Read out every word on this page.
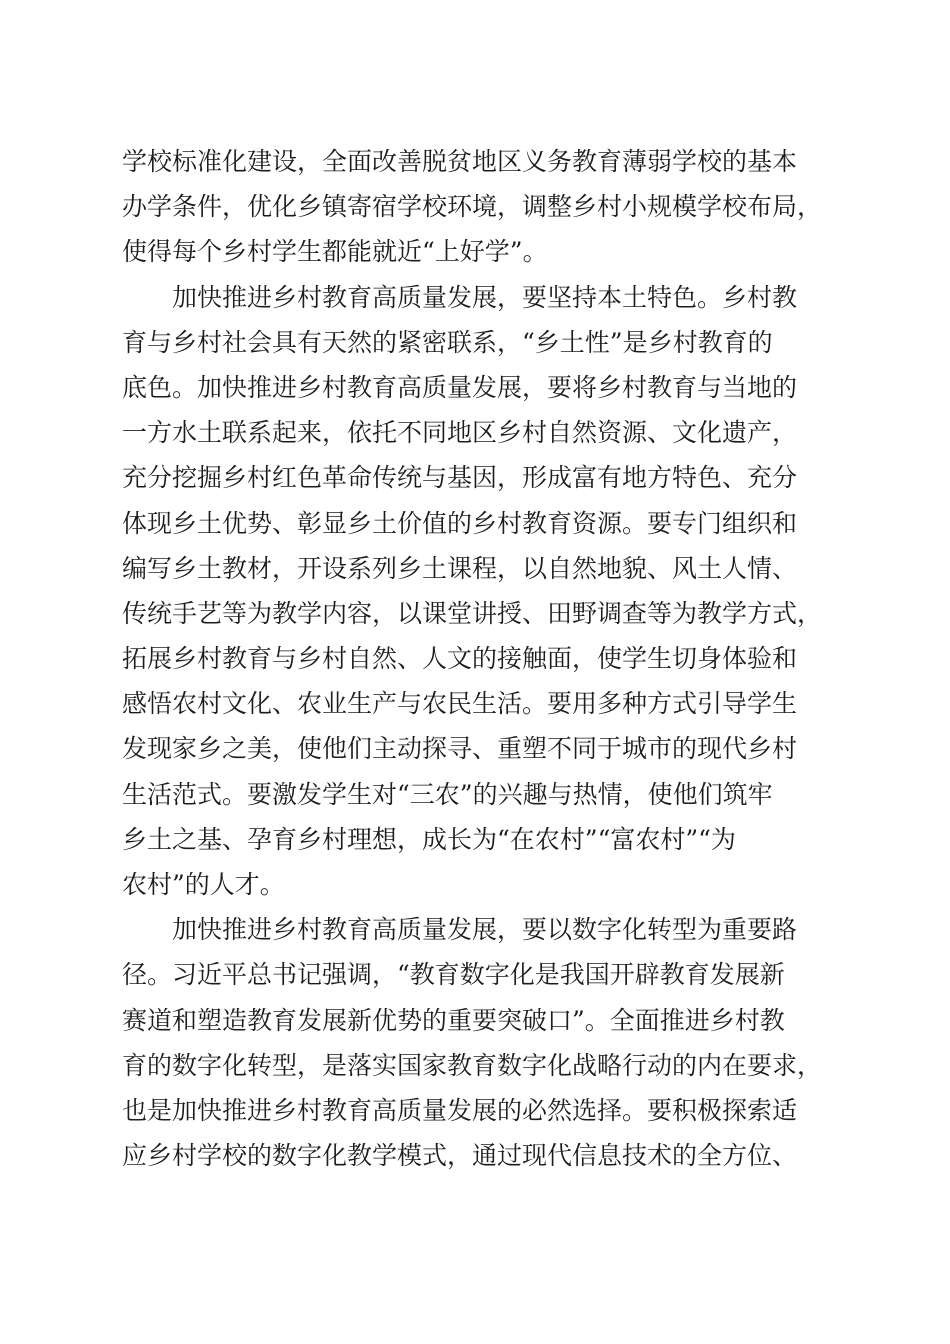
学校标准化建设，全面改善脱贫地区义务教育薄弱学校的基本
办学条件，优化乡镇寄宿学校环境，调整乡村小规模学校布局，
使得每个乡村学生都能就近“上好学”。
加快推进乡村教育高质量发展，要坚持本土特色。乡村教
育与乡村社会具有天然的紧密联系，“乡土性”是乡村教育的
底色。加快推进乡村教育高质量发展，要将乡村教育与当地的
一方水土联系起来，依托不同地区乡村自然资源、文化遗产，
充分挖掘乡村红色革命传统与基因，形成富有地方特色、充分
体现乡土优势、彰显乡土价值的乡村教育资源。要专门组织和
编写乡土教材，开设系列乡土课程，以自然地貌、风土人情、
传统手艺等为教学内容，以课堂讲授、田野调查等为教学方式，
拓展乡村教育与乡村自然、人文的接触面，使学生切身体验和
感悟农村文化、农业生产与农民生活。要用多种方式引导学生
发现家乡之美，使他们主动探寻、重塑不同于城市的现代乡村
生活范式。要激发学生对“三农”的兴趣与热情，使他们筑牢
乡土之基、孕育乡村理想，成长为“在农村”“富农村”“为
农村”的人才。
加快推进乡村教育高质量发展，要以数字化转型为重要路
径。习近平总书记强调，“教育数字化是我国开辟教育发展新
赛道和塑造教育发展新优势的重要突破口”。全面推进乡村教
育的数字化转型，是落实国家教育数字化战略行动的内在要求，
也是加快推进乡村教育高质量发展的必然选择。要积极探索适
应乡村学校的数字化教学模式，通过现代信息技术的全方位、
